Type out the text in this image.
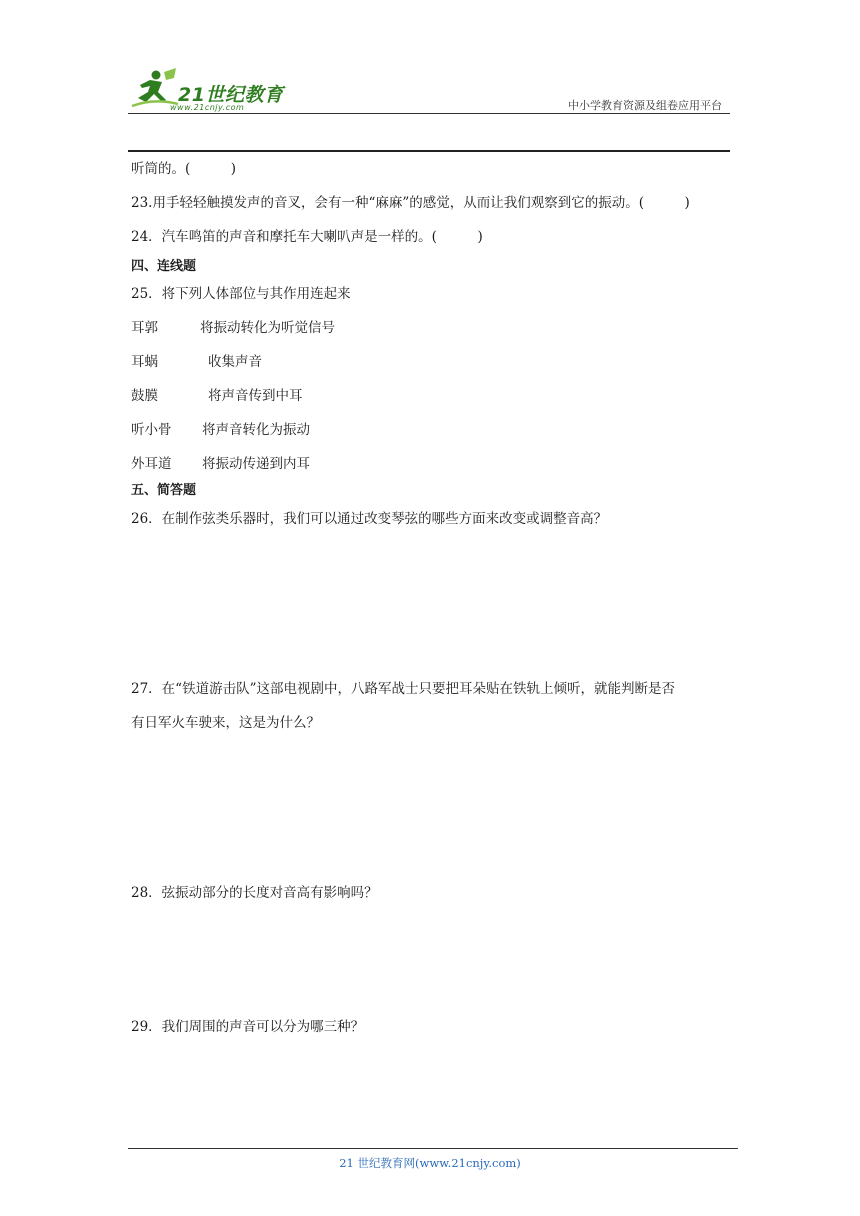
21世纪教育
www.21cnjy.com	中小学教育资源及组卷应用平台
听筒的。(　　　)
23.用手轻轻触摸发声的音叉，会有一种“麻麻”的感觉，从而让我们观察到它的振动。(　　　)
24．汽车鸣笛的声音和摩托车大喇叭声是一样的。(　　　)
四、连线题
25．将下列人体部位与其作用连起来
耳郭	将振动转化为听觉信号
耳蜗	收集声音
鼓膜	将声音传到中耳
听小骨 将声音转化为振动
外耳道 将振动传递到内耳
五、简答题
26．在制作弦类乐器时，我们可以通过改变琴弦的哪些方面来改变或调整音高？
27．在“铁道游击队”这部电视剧中，八路军战士只要把耳朵贴在铁轨上倾听，就能判断是否
有日军火车驶来，这是为什么？
28．弦振动部分的长度对音高有影响吗？
29．我们周围的声音可以分为哪三种？
21 世纪教育网(www.21cnjy.com)
